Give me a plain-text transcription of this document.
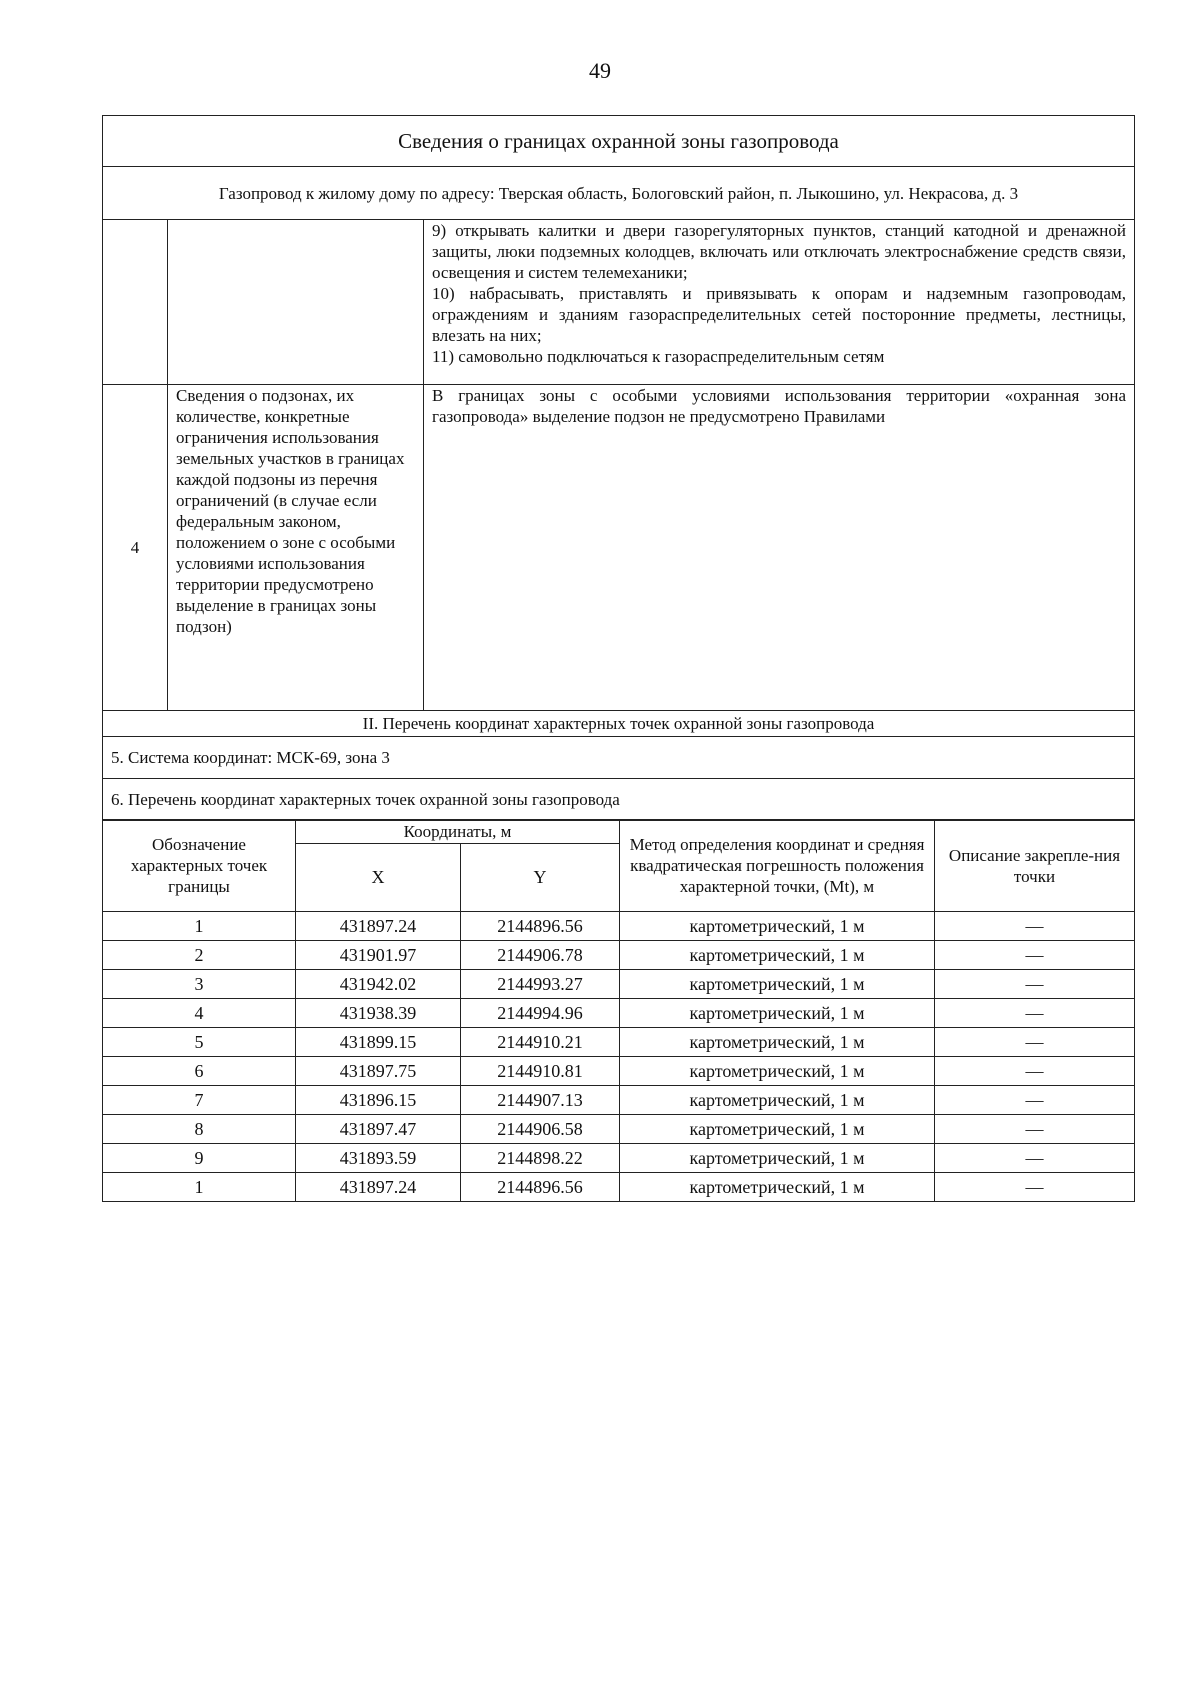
49
Сведения о границах охранной зоны газопровода		
Газопровод к жилому дому по адресу: Тверская область, Бологовский район, п. Лыкошино, ул. Некрасова, д. 3		

		9) открывать калитки и двери газорегуляторных пунктов, станций катодной и дренажной защиты, люки подземных колодцев, включать или отключать электроснабжение средств связи, освещения и систем телемеханики;
10) набрасывать, приставлять и привязывать к опорам и надземным газопроводам, ограждениям и зданиям газораспределительных сетей посторонние предметы, лестницы, влезать на них;
11) самовольно подключаться к газораспределительным сетям

4	Сведения о подзонах, их количестве, конкретные ограничения использования земельных участков в границах каждой подзоны из перечня ограничений (в случае если федеральным законом, положением о зоне с особыми условиями использования территории предусмотрено выделение в границах зоны подзон)	В границах зоны с особыми условиями использования территории «охранная зона газопровода» выделение подзон не предусмотрено Правилами
II. Перечень координат характерных точек охранной зоны газопровода		
5. Система координат: МСК-69, зона 3		
6. Перечень координат характерных точек охранной зоны газопровода		
Обозначение характерных точек границы	Координаты, м		Метод определения координат и средняя квадратическая погрешность положения характерной точки, (Mt), м	Описание закрепле-ния точки
	X	Y		
1	431897.24	2144896.56	картометрический, 1 м	—
2	431901.97	2144906.78	картометрический, 1 м	—
3	431942.02	2144993.27	картометрический, 1 м	—
4	431938.39	2144994.96	картометрический, 1 м	—
5	431899.15	2144910.21	картометрический, 1 м	—
6	431897.75	2144910.81	картометрический, 1 м	—
7	431896.15	2144907.13	картометрический, 1 м	—
8	431897.47	2144906.58	картометрический, 1 м	—
9	431893.59	2144898.22	картометрический, 1 м	—
1	431897.24	2144896.56	картометрический, 1 м	—
